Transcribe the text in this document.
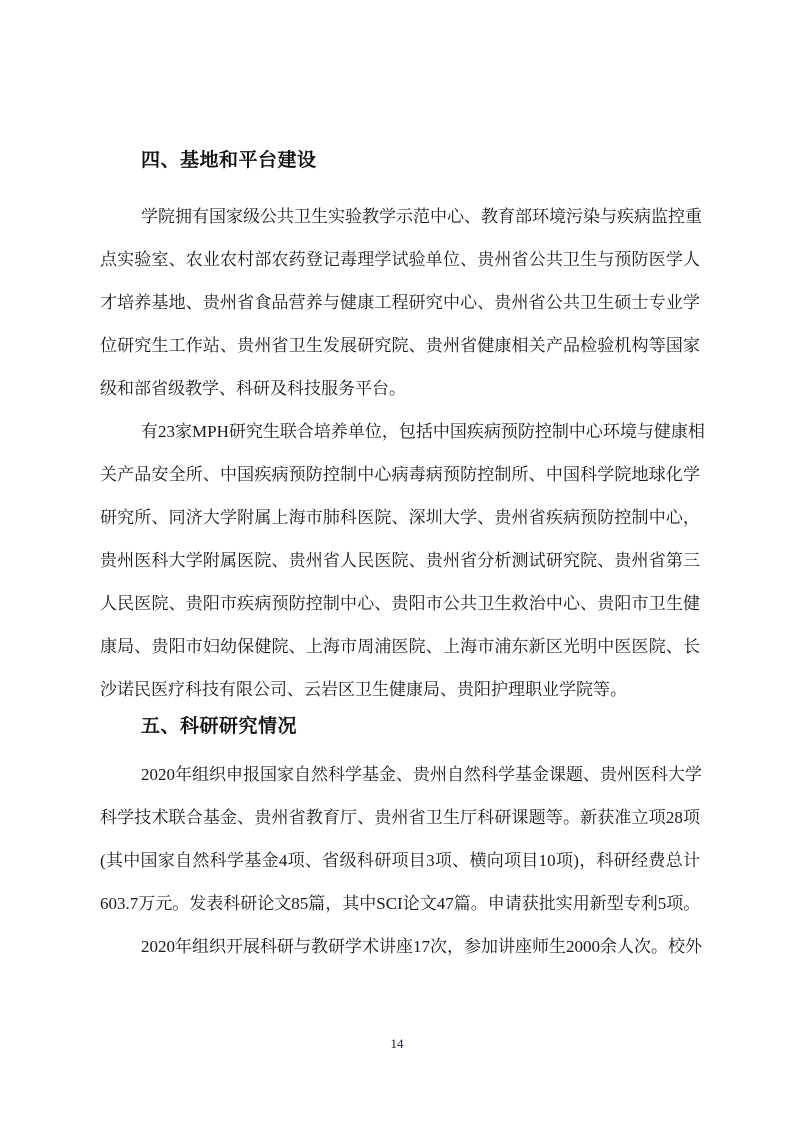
四、基地和平台建设
学院拥有国家级公共卫生实验教学示范中心、教育部环境污染与疾病监控重
点实验室、农业农村部农药登记毒理学试验单位、贵州省公共卫生与预防医学人
才培养基地、贵州省食品营养与健康工程研究中心、贵州省公共卫生硕士专业学
位研究生工作站、贵州省卫生发展研究院、贵州省健康相关产品检验机构等国家
级和部省级教学、科研及科技服务平台。
有23家MPH研究生联合培养单位，包括中国疾病预防控制中心环境与健康相
关产品安全所、中国疾病预防控制中心病毒病预防控制所、中国科学院地球化学
研究所、同济大学附属上海市肺科医院、深圳大学、贵州省疾病预防控制中心，
贵州医科大学附属医院、贵州省人民医院、贵州省分析测试研究院、贵州省第三
人民医院、贵阳市疾病预防控制中心、贵阳市公共卫生救治中心、贵阳市卫生健
康局、贵阳市妇幼保健院、上海市周浦医院、上海市浦东新区光明中医医院、长
沙诺民医疗科技有限公司、云岩区卫生健康局、贵阳护理职业学院等。
五、科研研究情况
2020年组织申报国家自然科学基金、贵州自然科学基金课题、贵州医科大学
科学技术联合基金、贵州省教育厅、贵州省卫生厅科研课题等。新获准立项28项
(其中国家自然科学基金4项、省级科研项目3项、横向项目10项)，科研经费总计
603.7万元。发表科研论文85篇，其中SCI论文47篇。申请获批实用新型专利5项。
2020年组织开展科研与教研学术讲座17次，参加讲座师生2000余人次。校外
14
